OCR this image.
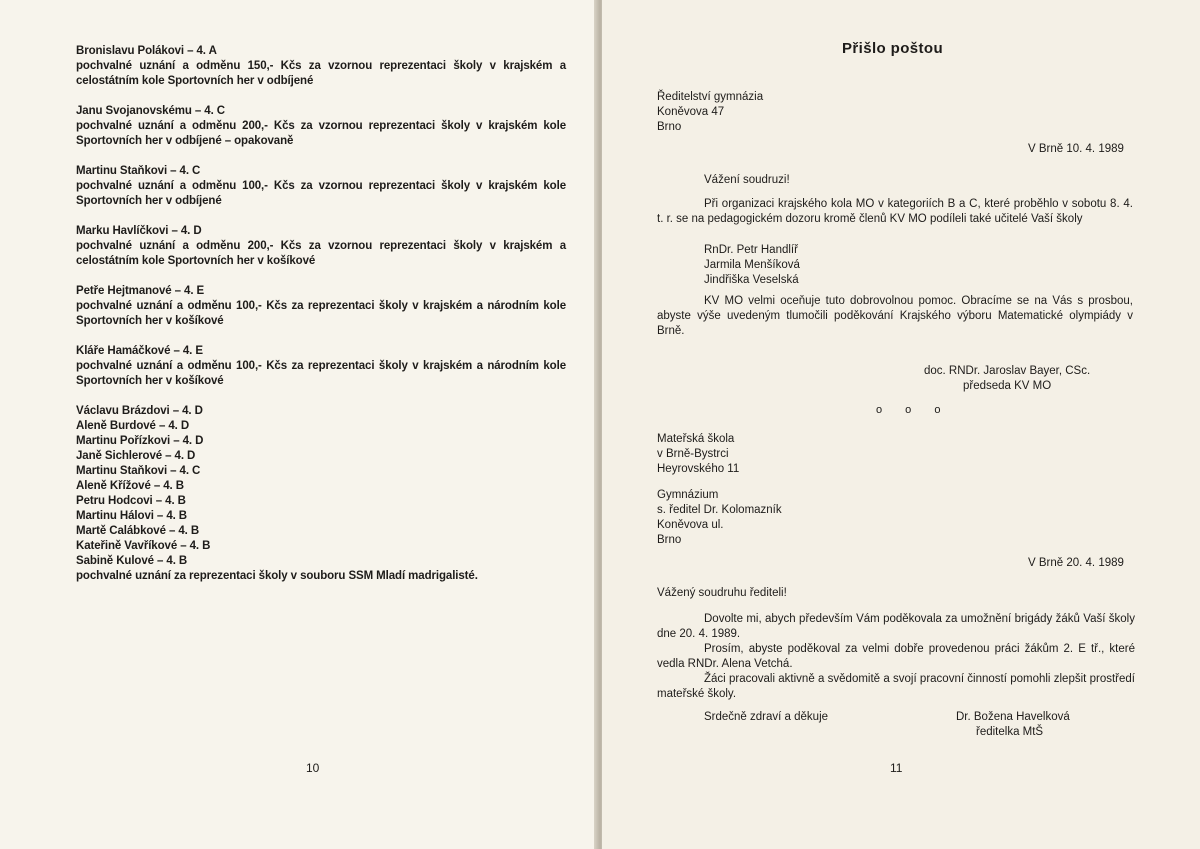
Bronislavu Polákovi – 4. A
pochvalné uznání a odměnu 150,- Kčs za vzornou reprezentaci školy v krajském a celostátním kole Sportovních her v odbíjené
Janu Svojanovskému – 4. C
pochvalné uznání a odměnu 200,- Kčs za vzornou reprezentaci školy v krajském kole Sportovních her v odbíjené – opakovaně
Martinu Staňkovi – 4. C
pochvalné uznání a odměnu 100,- Kčs za vzornou reprezentaci školy v krajském kole Sportovních her v odbíjené
Marku Havlíčkovi – 4. D
pochvalné uznání a odměnu 200,- Kčs za vzornou reprezentaci školy v krajském a celostátním kole Sportovních her v košíkové
Petře Hejtmanové – 4. E
pochvalné uznání a odměnu 100,- Kčs za reprezentaci školy v krajském a národním kole Sportovních her v košíkové
Kláře Hamáčkové – 4. E
pochvalné uznání a odměnu 100,- Kčs za reprezentaci školy v krajském a národním kole Sportovních her v košíkové
Václavu Brázdovi – 4. D
Aleně Burdové – 4. D
Martinu Pořízkovi – 4. D
Janě Sichlerové – 4. D
Martinu Staňkovi – 4. C
Aleně Křížové – 4. B
Petru Hodcovi – 4. B
Martinu Hálovi – 4. B
Martě Calábkové – 4. B
Kateřině Vavříkové – 4. B
Sabině Kulové – 4. B
pochvalné uznání za reprezentaci školy v souboru SSM Mladí madrigalisté.
10
Přišlo poštou
Ředitelství gymnázia
Koněvova 47
Brno
V Brně 10. 4. 1989
Vážení soudruzi!
Při organizaci krajského kola MO v kategoriích B a C, které proběhlo v sobotu 8. 4. t. r. se na pedagogickém dozoru kromě členů KV MO podíleli také učitelé Vaší školy
RnDr. Petr Handlíř
Jarmila Menšíková
Jindřiška Veselská
KV MO velmi oceňuje tuto dobrovolnou pomoc. Obracíme se na Vás s prosbou, abyste výše uvedeným tlumočili poděkování Krajského výboru Matematické olympiády v Brně.
doc. RNDr. Jaroslav Bayer, CSc.
předseda KV MO
o o o
Mateřská škola
v Brně-Bystrci
Heyrovského 11
Gymnázium
s. ředitel Dr. Kolomazník
Koněvova ul.
Brno
V Brně 20. 4. 1989
Vážený soudruhu řediteli!
Dovolte mi, abych především Vám poděkovala za umožnění brigády žáků Vaší školy dne 20. 4. 1989.
Prosím, abyste poděkoval za velmi dobře provedenou práci žákům 2. E tř., které vedla RNDr. Alena Vetchá.
Žáci pracovali aktivně a svědomitě a svojí pracovní činností pomohli zlepšit prostředí mateřské školy.
Srdečně zdraví a děkuje	Dr. Božena Havelková
ředitelka MtŠ
11
